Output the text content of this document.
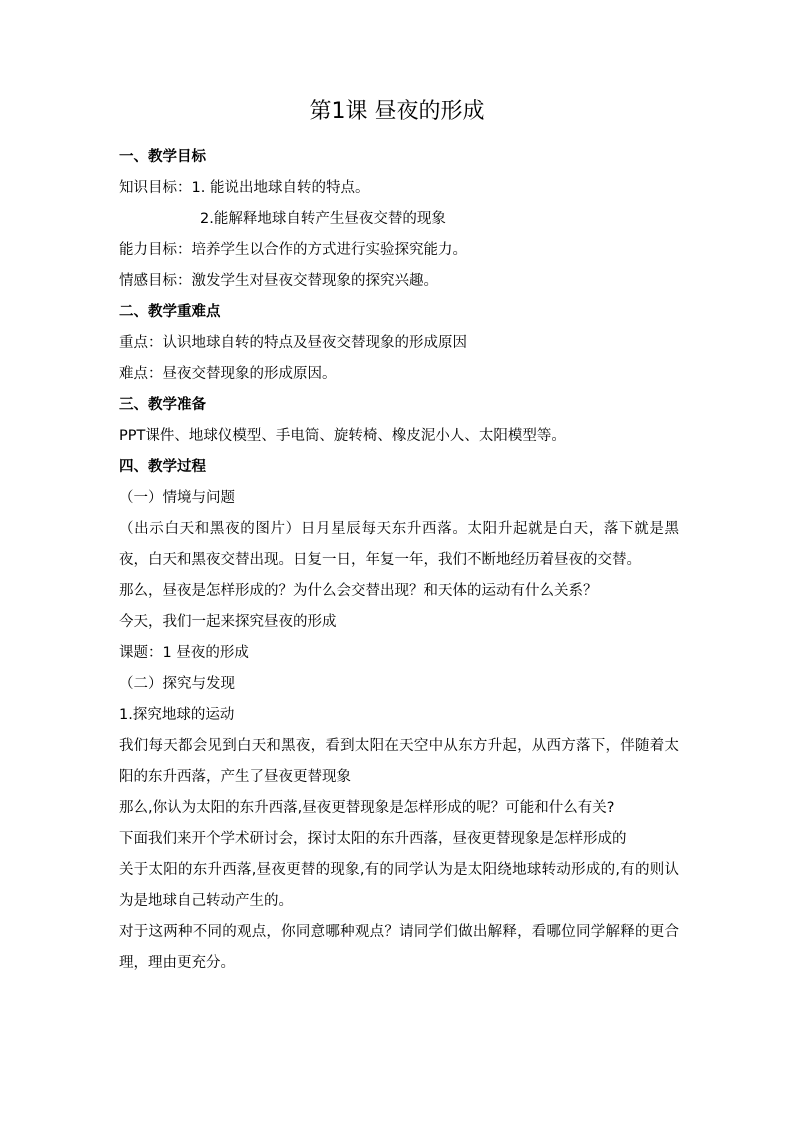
第1课 昼夜的形成

一、教学目标

知识目标：1. 能说出地球自转的特点。

2.能解释地球自转产生昼夜交替的现象

能力目标：培养学生以合作的方式进行实验探究能力。

情感目标：激发学生对昼夜交替现象的探究兴趣。

二、教学重难点

重点：认识地球自转的特点及昼夜交替现象的形成原因

难点：昼夜交替现象的形成原因。

三、教学准备

PPT课件、地球仪模型、手电筒、旋转椅、橡皮泥小人、太阳模型等。

四、教学过程

（一）情境与问题

（出示白天和黑夜的图片）日月星辰每天东升西落。太阳升起就是白天，落下就是黑夜，白天和黑夜交替出现。日复一日，年复一年，我们不断地经历着昼夜的交替。

那么，昼夜是怎样形成的？为什么会交替出现？和天体的运动有什么关系？

今天，我们一起来探究昼夜的形成

课题：1 昼夜的形成

（二）探究与发现

1.探究地球的运动

我们每天都会见到白天和黑夜，看到太阳在天空中从东方升起，从西方落下，伴随着太阳的东升西落，产生了昼夜更替现象

那么,你认为太阳的东升西落,昼夜更替现象是怎样形成的呢？可能和什么有关?

下面我们来开个学术研讨会，探讨太阳的东升西落，昼夜更替现象是怎样形成的

关于太阳的东升西落,昼夜更替的现象,有的同学认为是太阳绕地球转动形成的,有的则认为是地球自己转动产生的。

对于这两种不同的观点，你同意哪种观点？请同学们做出解释，看哪位同学解释的更合理，理由更充分。
